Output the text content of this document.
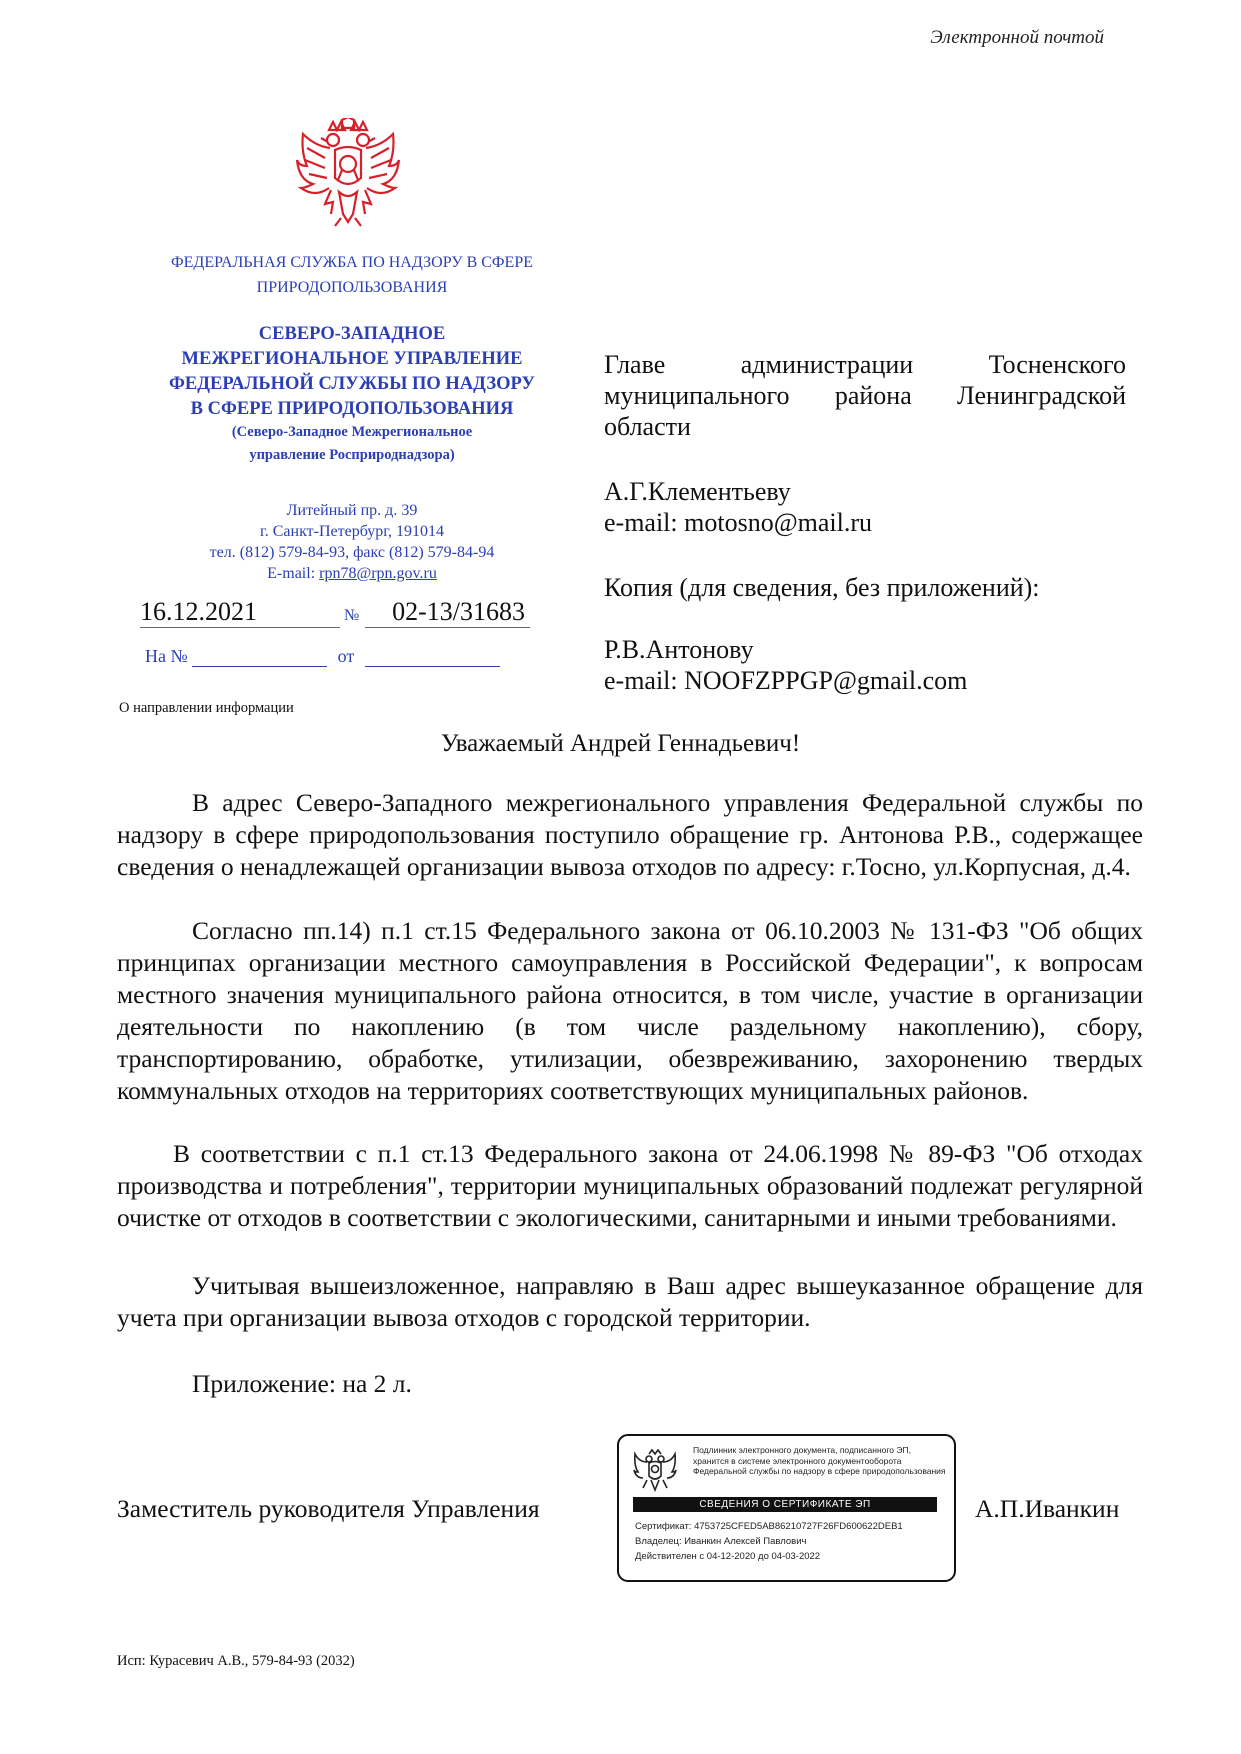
Электронной почтой
ФЕДЕРАЛЬНАЯ СЛУЖБА ПО НАДЗОРУ В СФЕРЕ
ПРИРОДОПОЛЬЗОВАНИЯ
СЕВЕРО-ЗАПАДНОЕ
МЕЖРЕГИОНАЛЬНОЕ УПРАВЛЕНИЕ
ФЕДЕРАЛЬНОЙ СЛУЖБЫ ПО НАДЗОРУ
В СФЕРЕ ПРИРОДОПОЛЬЗОВАНИЯ
(Северо-Западное Межрегиональное
управление Росприроднадзора)
Литейный пр. д. 39
г. Санкт-Петербург, 191014
тел. (812) 579-84-93, факс (812) 579-84-94
E-mail: rpn78@rpn.gov.ru
16.12.2021	№	02-13/31683
На №	от
О направлении информации
Главе администрации Тосненского муниципального района Ленинградской области
А.Г.Клементьеву
e-mail: motosno@mail.ru
Копия (для сведения, без приложений):
Р.В.Антонову
e-mail: NOOFZPPGP@gmail.com
Уважаемый Андрей Геннадьевич!
В адрес Северо-Западного межрегионального управления Федеральной службы по надзору в сфере природопользования поступило обращение гр. Антонова Р.В., содержащее сведения о ненадлежащей организации вывоза отходов по адресу: г.Тосно, ул.Корпусная, д.4.
Согласно пп.14) п.1 ст.15 Федерального закона от 06.10.2003 № 131-ФЗ "Об общих принципах организации местного самоуправления в Российской Федерации", к вопросам местного значения муниципального района относится, в том числе, участие в организации деятельности по накоплению (в том числе раздельному накоплению), сбору, транспортированию, обработке, утилизации, обезвреживанию, захоронению твердых коммунальных отходов на территориях соответствующих муниципальных районов.
В соответствии с п.1 ст.13 Федерального закона от 24.06.1998 № 89-ФЗ "Об отходах производства и потребления", территории муниципальных образований подлежат регулярной очистке от отходов в соответствии с экологическими, санитарными и иными требованиями.
Учитывая вышеизложенное, направляю в Ваш адрес вышеуказанное обращение для учета при организации вывоза отходов с городской территории.
Приложение: на 2 л.
Заместитель руководителя Управления
Подлинник электронного документа, подписанного ЭП, хранится в системе электронного документооборота Федеральной службы по надзору в сфере природопользования
СВЕДЕНИЯ О СЕРТИФИКАТЕ ЭП
Сертификат: 4753725CFED5AB86210727F26FD600622DEB1
Владелец: Иванкин Алексей Павлович
Действителен с 04-12-2020 до 04-03-2022
А.П.Иванкин
Исп: Курасевич А.В., 579-84-93 (2032)
